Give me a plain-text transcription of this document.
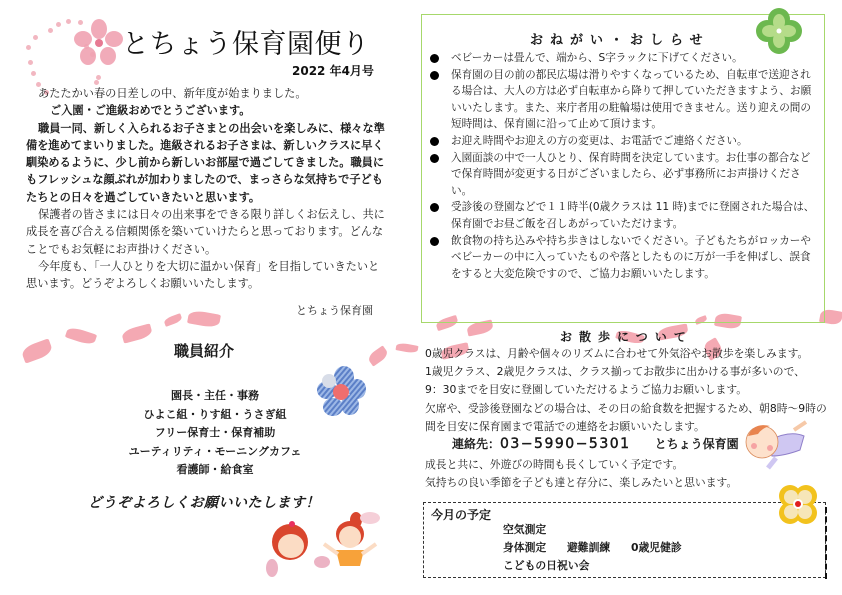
とちょう保育園便り
2022 年4月号

あたたかい春の日差しの中、新年度が始まりました。

ご入園・ご進級おめでとうございます。

職員一同、新しく入られるお子さまとの出会いを楽しみに、様々な準備を進めてまいりました。進級されるお子さまは、新しいクラスに早く馴染めるように、少し前から新しいお部屋で過ごしてきました。職員にもフレッシュな顔ぶれが加わりましたので、まっさらな気持ちで子どもたちとの日々を過ごしていきたいと思います。

保護者の皆さまには日々の出来事をできる限り詳しくお伝えし、共に成長を喜び合える信頼関係を築いていけたらと思っております。どんなことでもお気軽にお声掛けください。

今年度も、「一人ひとりを大切に温かい保育」を目指していきたいと思います。どうぞよろしくお願いいたします。

とちょう保育園
職員紹介
園長・主任・事務
ひよこ組・りす組・うさぎ組
フリー保育士・保育補助
ユーティリティ・モーニングカフェ
看護師・給食室
どうぞよろしくお願いいたします！
おねがい・おしらせ
ベビーカーは畳んで、端から、S字ラックに下げてください。
保育園の目の前の都民広場は滑りやすくなっているため、自転車で送迎される場合は、大人の方は必ず自転車から降りて押していただきますよう、お願いいたします。また、来庁者用の駐輪場は使用できません。送り迎えの間の短時間は、保育園に沿って止めて頂けます。
お迎え時間やお迎えの方の変更は、お電話でご連絡ください。
入園面談の中で一人ひとり、保育時間を決定しています。お仕事の都合などで保育時間が変更する日がございましたら、必ず事務所にお声掛けください。
受診後の登園などで１１時半(0歳クラスは 11 時)までに登園された場合は、保育園でお昼ご飯を召しあがっていただけます。
飲食物の持ち込みや持ち歩きはしないでください。子どもたちがロッカーやベビーカーの中に入っていたものや落としたものに万が一手を伸ばし、誤食をすると大変危険ですので、ご協力お願いいたします。
お散歩について
0歳児クラスは、月齢や個々のリズムに合わせて外気浴やお散歩を楽しみます。
1歳児クラス、2歳児クラスは、クラス揃ってお散歩に出かける事が多いので、
9：30までを目安に登園していただけるようご協力お願いします。
欠席や、受診後登園などの場合は、その日の給食数を把握するため、朝8時～9時の
間を目安に保育園まで電話での連絡をお願いいたします。
連絡先：03−5990−5301 とちょう保育園
成長と共に、外遊びの時間も長くしていく予定です。
気持ちの良い季節を子ども達と存分に、楽しみたいと思います。
今月の予定
空気測定
身体測定 避難訓練 0歳児健診
こどもの日祝い会
